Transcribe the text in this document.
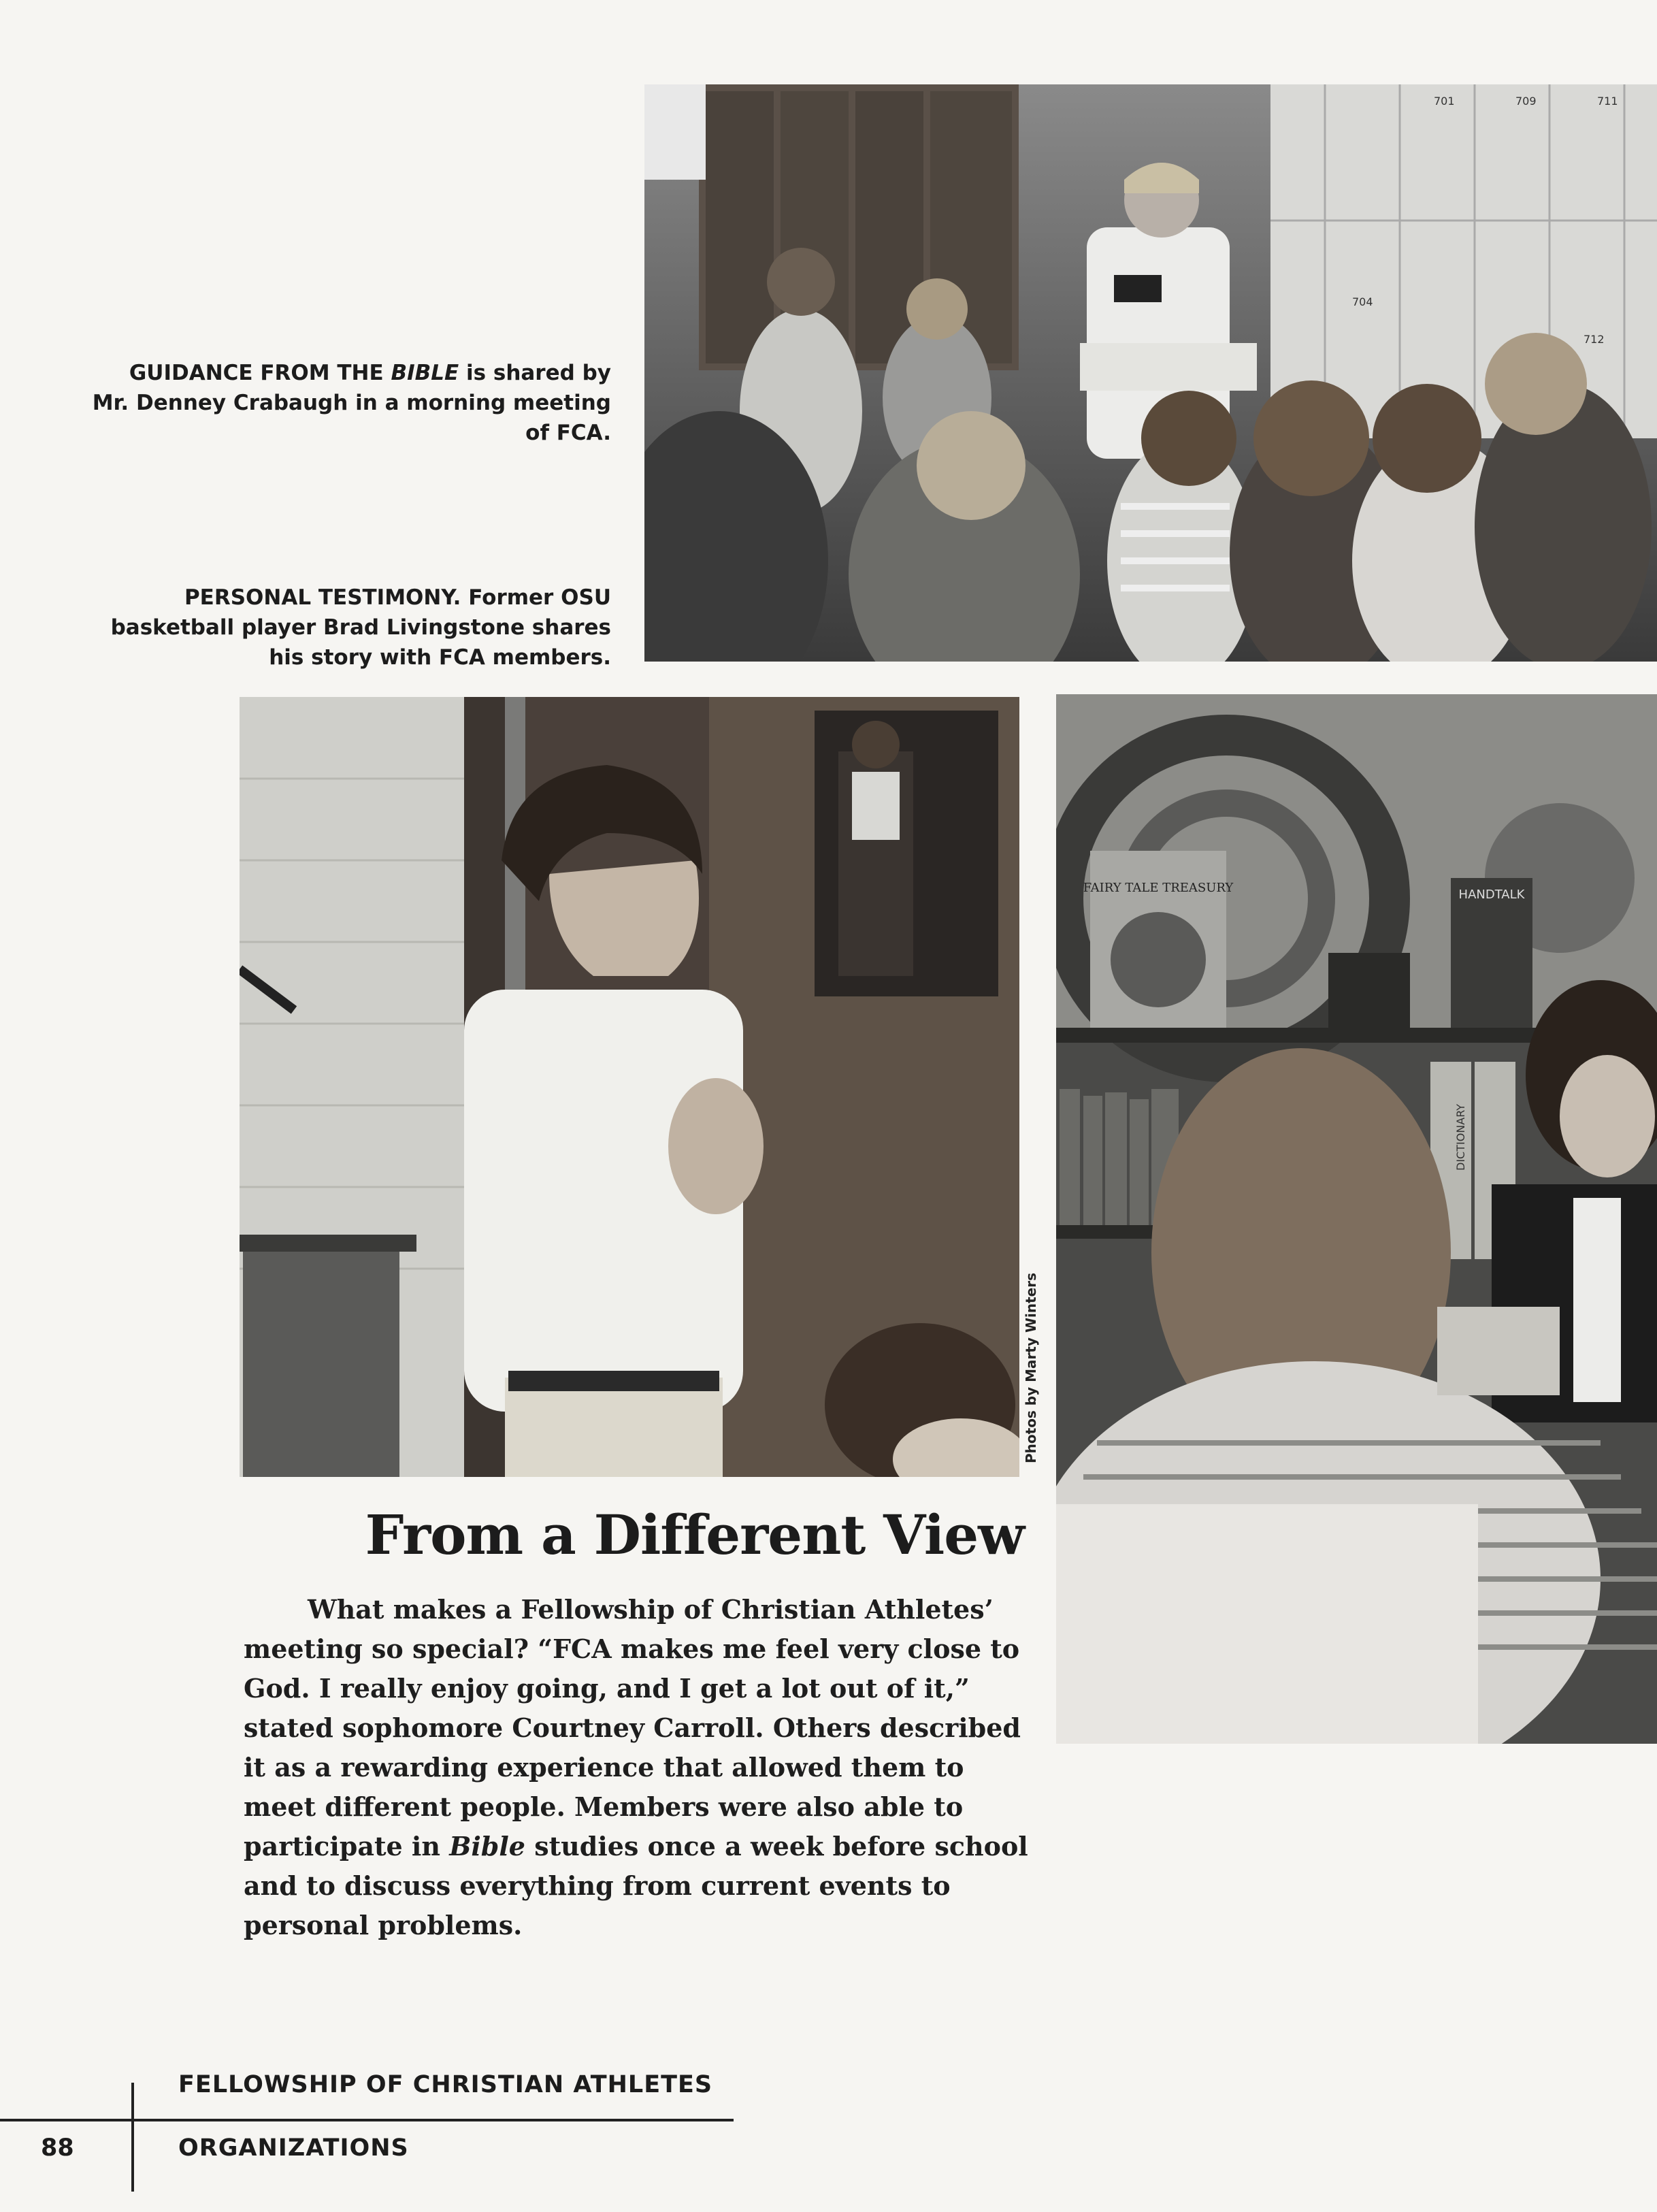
701	709	711
704
712
GUIDANCE FROM THE BIBLE is shared by
Mr. Denney Crabaugh in a morning meeting
of FCA.
PERSONAL TESTIMONY. Former OSU
basketball player Brad Livingstone shares
his story with FCA members.
Photos by Marty Winters
FAIRY TALE TREASURY	HANDTALK
DICTIONARY
From a Different View
What makes a Fellowship of Christian Athletes’ meeting so special? “FCA makes me feel very close to God. I really enjoy going, and I get a lot out of it,” stated sophomore Courtney Carroll. Others described it as a rewarding experience that allowed them to meet different people. Members were also able to participate in Bible studies once a week before school and to discuss everything from current events to personal problems.
FELLOWSHIP OF CHRISTIAN ATHLETES
ORGANIZATIONS
88
